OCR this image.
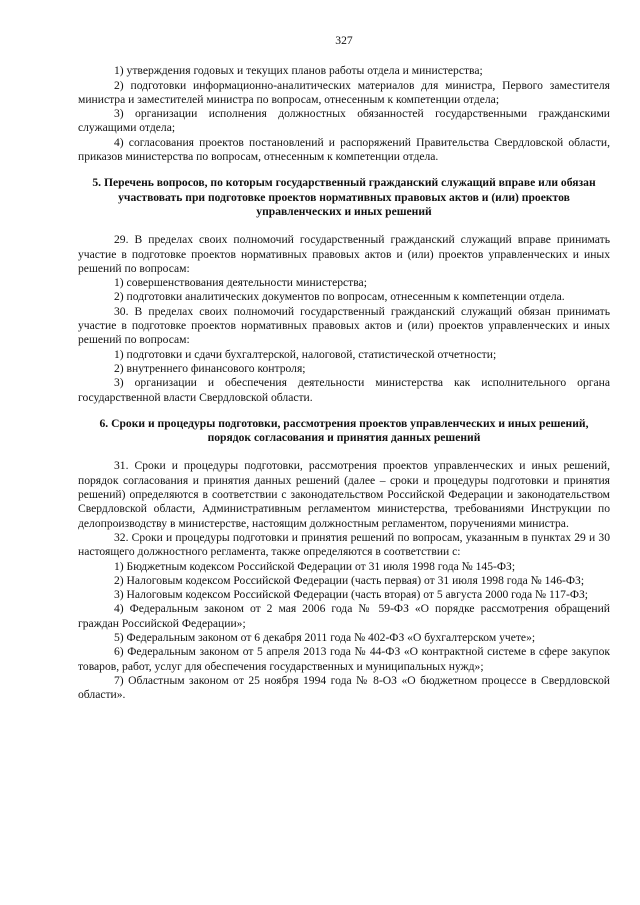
327

1) утверждения годовых и текущих планов работы отдела и министерства;

2) подготовки информационно-аналитических материалов для министра, Первого заместителя министра и заместителей министра по вопросам, отнесенным к компетенции отдела;

3) организации исполнения должностных обязанностей государственными гражданскими служащими отдела;

4) согласования проектов постановлений и распоряжений Правительства Свердловской области, приказов министерства по вопросам, отнесенным к компетенции отдела.

5. Перечень вопросов, по которым государственный гражданский служащий вправе или обязан участвовать при подготовке проектов нормативных правовых актов и (или) проектов управленческих и иных решений

29. В пределах своих полномочий государственный гражданский служащий вправе принимать участие в подготовке проектов нормативных правовых актов и (или) проектов управленческих и иных решений по вопросам:

1) совершенствования деятельности министерства;

2) подготовки аналитических документов по вопросам, отнесенным к компетенции отдела.

30. В пределах своих полномочий государственный гражданский служащий обязан принимать участие в подготовке проектов нормативных правовых актов и (или) проектов управленческих и иных решений по вопросам:

1) подготовки и сдачи бухгалтерской, налоговой, статистической отчетности;

2) внутреннего финансового контроля;

3) организации и обеспечения деятельности министерства как исполнительного органа государственной власти Свердловской области.

6. Сроки и процедуры подготовки, рассмотрения проектов управленческих и иных решений, порядок согласования и принятия данных решений

31. Сроки и процедуры подготовки, рассмотрения проектов управленческих и иных решений, порядок согласования и принятия данных решений (далее – сроки и процедуры подготовки и принятия решений) определяются в соответствии с законодательством Российской Федерации и законодательством Свердловской области, Административным регламентом министерства, требованиями Инструкции по делопроизводству в министерстве, настоящим должностным регламентом, поручениями министра.

32. Сроки и процедуры подготовки и принятия решений по вопросам, указанным в пунктах 29 и 30 настоящего должностного регламента, также определяются в соответствии с:

1) Бюджетным кодексом Российской Федерации от 31 июля 1998 года № 145-ФЗ;

2) Налоговым кодексом Российской Федерации (часть первая) от 31 июля 1998 года № 146-ФЗ;

3) Налоговым кодексом Российской Федерации (часть вторая) от 5 августа 2000 года № 117-ФЗ;

4) Федеральным законом от 2 мая 2006 года № 59-ФЗ «О порядке рассмотрения обращений граждан Российской Федерации»;

5) Федеральным законом от 6 декабря 2011 года № 402-ФЗ «О бухгалтерском учете»;

6) Федеральным законом от 5 апреля 2013 года № 44-ФЗ «О контрактной системе в сфере закупок товаров, работ, услуг для обеспечения государственных и муниципальных нужд»;

7) Областным законом от 25 ноября 1994 года № 8-ОЗ «О бюджетном процессе в Свердловской области».
